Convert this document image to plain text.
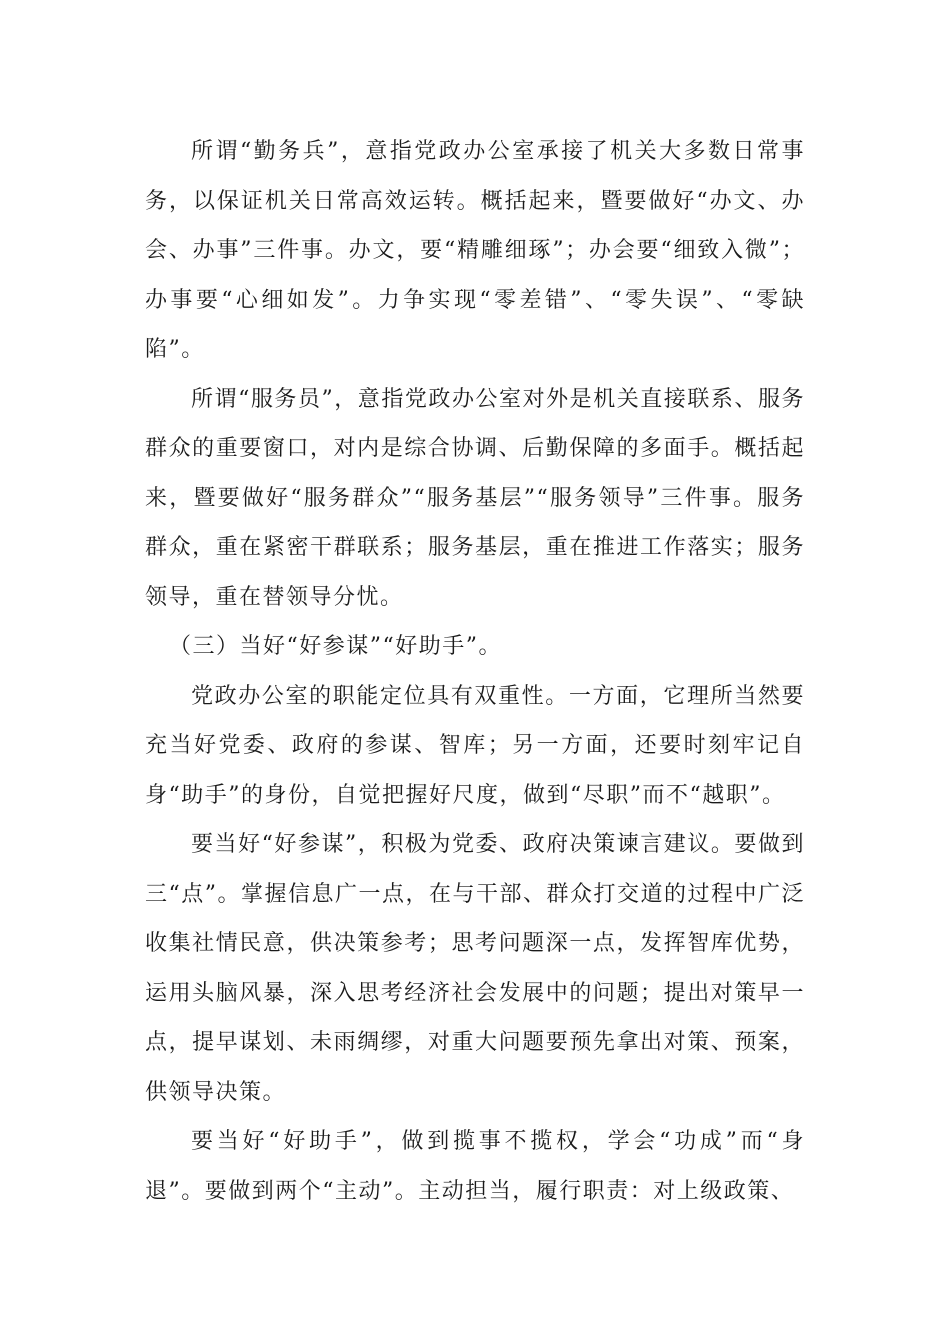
所谓“勤务兵”，意指党政办公室承接了机关大多数日常事务，以保证机关日常高效运转。概括起来，暨要做好“办文、办会、办事”三件事。办文，要“精雕细琢”；办会要“细致入微”；办事要“心细如发”。力争实现“零差错”、“零失误”、“零缺陷”。

所谓“服务员”，意指党政办公室对外是机关直接联系、服务群众的重要窗口，对内是综合协调、后勤保障的多面手。概括起来，暨要做好“服务群众”“服务基层”“服务领导”三件事。服务群众，重在紧密干群联系；服务基层，重在推进工作落实；服务领导，重在替领导分忧。

（三）当好“好参谋”“好助手”。

党政办公室的职能定位具有双重性。一方面，它理所当然要充当好党委、政府的参谋、智库；另一方面，还要时刻牢记自身“助手”的身份，自觉把握好尺度，做到“尽职”而不“越职”。

要当好“好参谋”，积极为党委、政府决策谏言建议。要做到三“点”。掌握信息广一点，在与干部、群众打交道的过程中广泛收集社情民意，供决策参考；思考问题深一点，发挥智库优势，运用头脑风暴，深入思考经济社会发展中的问题；提出对策早一点，提早谋划、未雨绸缪，对重大问题要预先拿出对策、预案，供领导决策。

要当好“好助手”，做到揽事不揽权，学会“功成”而“身退”。要做到两个“主动”。主动担当，履行职责：对上级政策、
